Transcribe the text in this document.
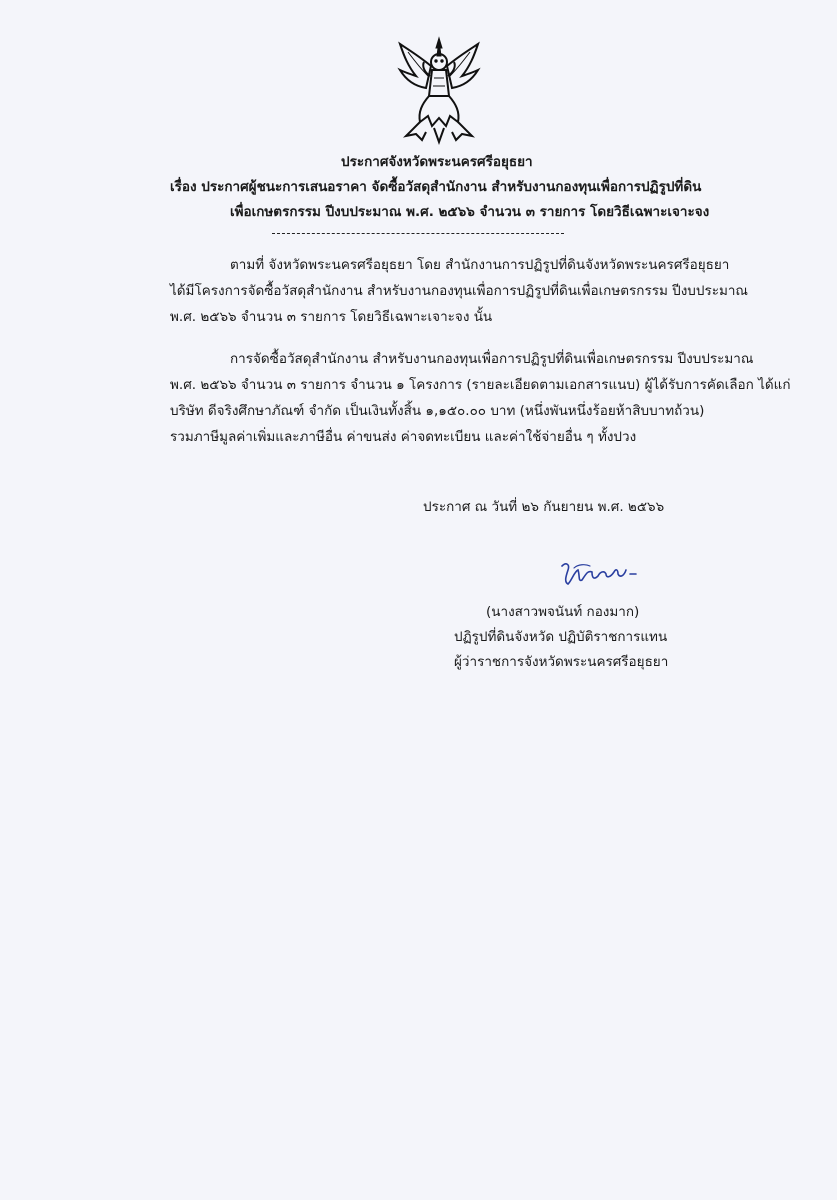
ประกาศจังหวัดพระนครศรีอยุธยา
เรื่อง ประกาศผู้ชนะการเสนอราคา จัดซื้อวัสดุสำนักงาน สำหรับงานกองทุนเพื่อการปฏิรูปที่ดิน
เพื่อเกษตรกรรม ปีงบประมาณ พ.ศ. ๒๕๖๖ จำนวน ๓ รายการ โดยวิธีเฉพาะเจาะจง
ตามที่ จังหวัดพระนครศรีอยุธยา โดย สำนักงานการปฏิรูปที่ดินจังหวัดพระนครศรีอยุธยา
ได้มีโครงการจัดซื้อวัสดุสำนักงาน สำหรับงานกองทุนเพื่อการปฏิรูปที่ดินเพื่อเกษตรกรรม ปีงบประมาณ
พ.ศ. ๒๕๖๖ จำนวน ๓ รายการ โดยวิธีเฉพาะเจาะจง นั้น
การจัดซื้อวัสดุสำนักงาน สำหรับงานกองทุนเพื่อการปฏิรูปที่ดินเพื่อเกษตรกรรม ปีงบประมาณ
พ.ศ. ๒๕๖๖ จำนวน ๓ รายการ จำนวน ๑ โครงการ (รายละเอียดตามเอกสารแนบ) ผู้ได้รับการคัดเลือก ได้แก่
บริษัท ดีจริงศึกษาภัณฑ์ จำกัด เป็นเงินทั้งสิ้น ๑,๑๕๐.๐๐ บาท (หนึ่งพันหนึ่งร้อยห้าสิบบาทถ้วน)
รวมภาษีมูลค่าเพิ่มและภาษีอื่น ค่าขนส่ง ค่าจดทะเบียน และค่าใช้จ่ายอื่น ๆ ทั้งปวง
ประกาศ ณ วันที่ ๒๖ กันยายน พ.ศ. ๒๕๖๖
(นางสาวพจนันท์ กองมาก)
ปฏิรูปที่ดินจังหวัด ปฏิบัติราชการแทน
ผู้ว่าราชการจังหวัดพระนครศรีอยุธยา
